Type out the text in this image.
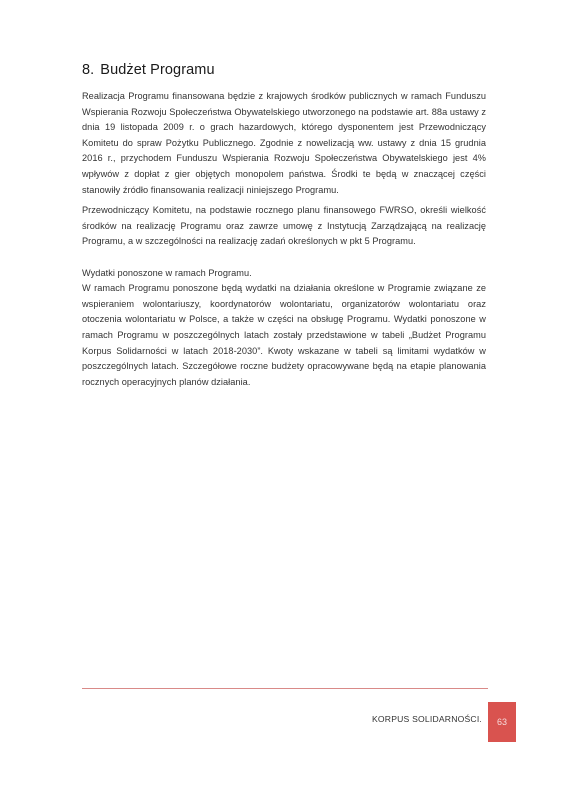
8. Budżet Programu

Realizacja Programu finansowana będzie z krajowych środków publicznych w ramach Funduszu Wspierania Rozwoju Społeczeństwa Obywatelskiego utworzonego na podstawie art. 88a ustawy z dnia 19 listopada 2009 r. o grach hazardowych, którego dysponentem jest Przewodniczący Komitetu do spraw Pożytku Publicznego. Zgodnie z nowelizacją ww. ustawy z dnia 15 grudnia 2016 r., przychodem Funduszu Wspierania Rozwoju Społeczeństwa Obywatelskiego jest 4% wpływów z dopłat z gier objętych monopolem państwa. Środki te będą w znaczącej części stanowiły źródło finansowania realizacji niniejszego Programu.

Przewodniczący Komitetu, na podstawie rocznego planu finansowego FWRSO, określi wielkość środków na realizację Programu oraz zawrze umowę z Instytucją Zarządzającą na realizację Programu, a w szczególności na realizację zadań określonych w pkt 5 Programu.

Wydatki ponoszone w ramach Programu.

W ramach Programu ponoszone będą wydatki na działania określone w Programie związane ze wspieraniem wolontariuszy, koordynatorów wolontariatu, organizatorów wolontariatu oraz otoczenia wolontariatu w Polsce, a także w części na obsługę Programu. Wydatki ponoszone w ramach Programu w poszczególnych latach zostały przedstawione w tabeli „Budżet Programu Korpus Solidarności w latach 2018-2030”. Kwoty wskazane w tabeli są limitami wydatków w poszczególnych latach. Szczegółowe roczne budżety opracowywane będą na etapie planowania rocznych operacyjnych planów działania.

KORPUS SOLIDARNOŚCI. 63
